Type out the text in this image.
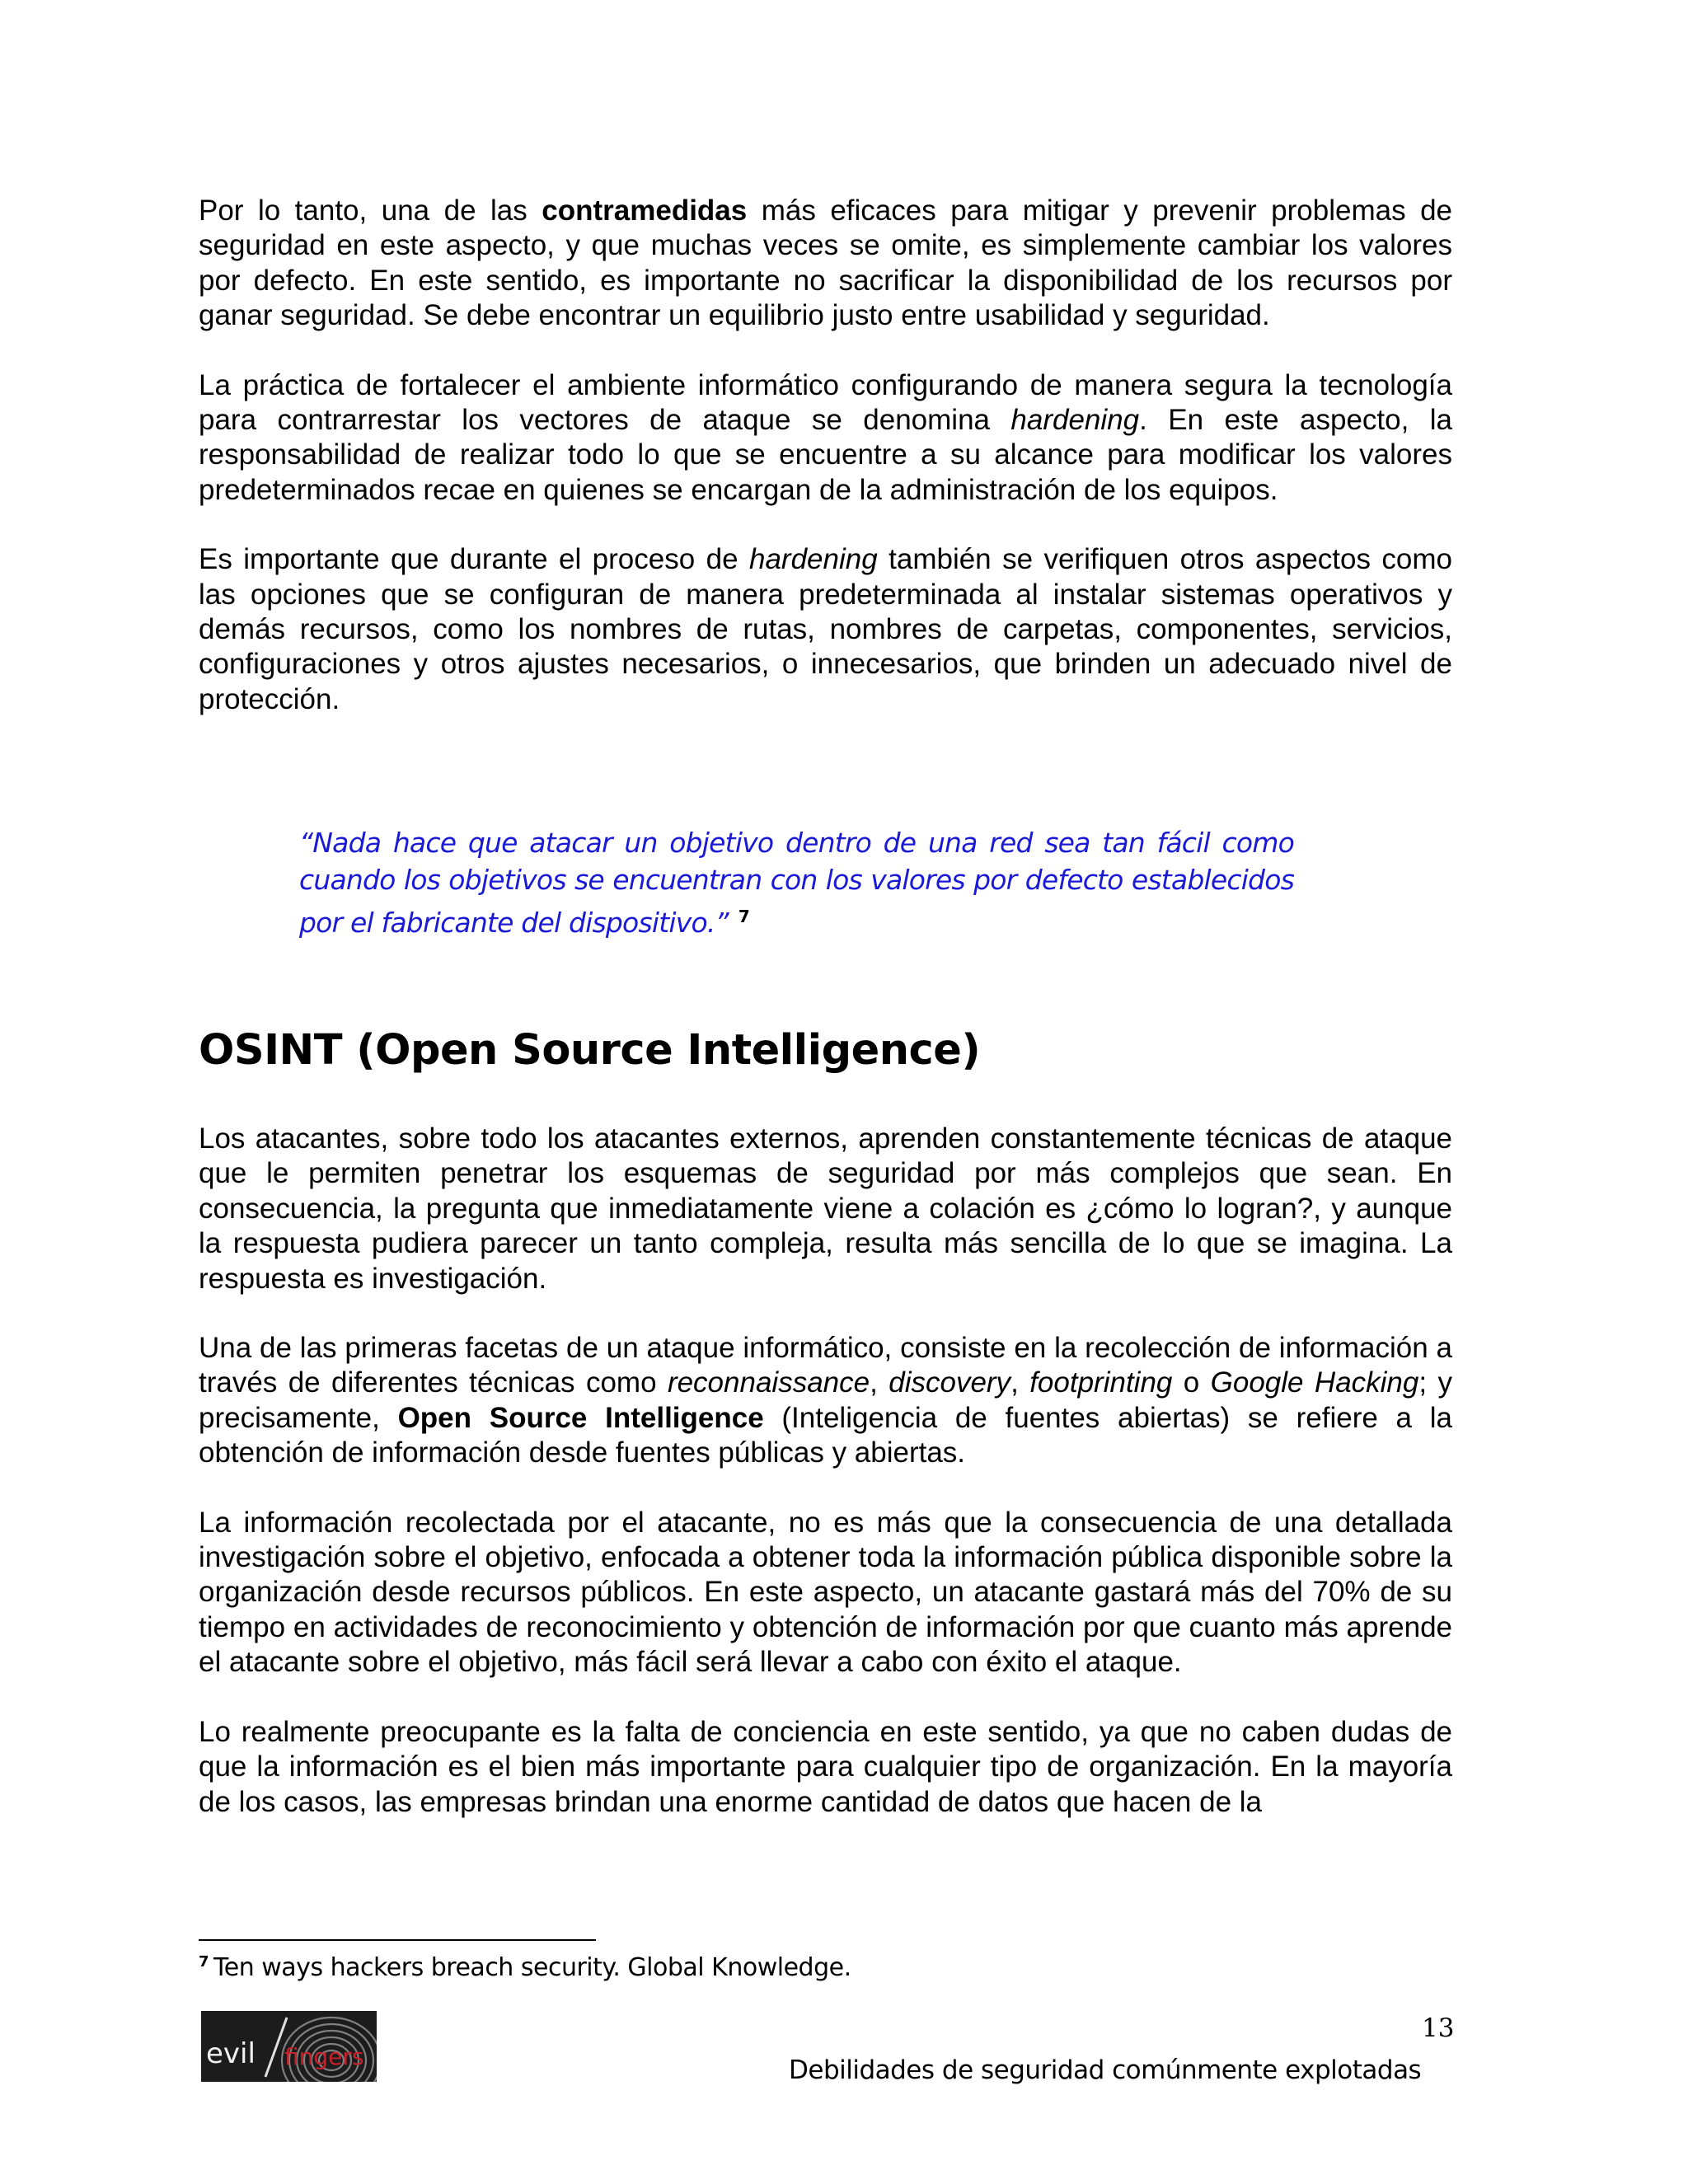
Por lo tanto, una de las contramedidas más eficaces para mitigar y prevenir problemas de seguridad en este aspecto, y que muchas veces se omite, es simplemente cambiar los valores por defecto. En este sentido, es importante no sacrificar la disponibilidad de los recursos por ganar seguridad. Se debe encontrar un equilibrio justo entre usabilidad y seguridad.

La práctica de fortalecer el ambiente informático configurando de manera segura la tecnología para contrarrestar los vectores de ataque se denomina hardening. En este aspecto, la responsabilidad de realizar todo lo que se encuentre a su alcance para modificar los valores predeterminados recae en quienes se encargan de la administración de los equipos.

Es importante que durante el proceso de hardening también se verifiquen otros aspectos como las opciones que se configuran de manera predeterminada al instalar sistemas operativos y demás recursos, como los nombres de rutas, nombres de carpetas, componentes, servicios, configuraciones y otros ajustes necesarios, o innecesarios, que brinden un adecuado nivel de protección.

“Nada hace que atacar un objetivo dentro de una red sea tan fácil como cuando los objetivos se encuentran con los valores por defecto establecidos por el fabricante del dispositivo.” $^7$

OSINT (Open Source Intelligence)

Los atacantes, sobre todo los atacantes externos, aprenden constantemente técnicas de ataque que le permiten penetrar los esquemas de seguridad por más complejos que sean. En consecuencia, la pregunta que inmediatamente viene a colación es ¿cómo lo logran?, y aunque la respuesta pudiera parecer un tanto compleja, resulta más sencilla de lo que se imagina. La respuesta es investigación.

Una de las primeras facetas de un ataque informático, consiste en la recolección de información a través de diferentes técnicas como reconnaissance, discovery, footprinting o Google Hacking; y precisamente, Open Source Intelligence (Inteligencia de fuentes abiertas) se refiere a la obtención de información desde fuentes públicas y abiertas.

La información recolectada por el atacante, no es más que la consecuencia de una detallada investigación sobre el objetivo, enfocada a obtener toda la información pública disponible sobre la organización desde recursos públicos. En este aspecto, un atacante gastará más del 70% de su tiempo en actividades de reconocimiento y obtención de información por que cuanto más aprende el atacante sobre el objetivo, más fácil será llevar a cabo con éxito el ataque.

Lo realmente preocupante es la falta de conciencia en este sentido, ya que no caben dudas de que la información es el bien más importante para cualquier tipo de organización. En la mayoría de los casos, las empresas brindan una enorme cantidad de datos que hacen de la

$^7$ Ten ways hackers breach security. Global Knowledge.
evil fingers
13
Debilidades de seguridad comúnmente explotadas
